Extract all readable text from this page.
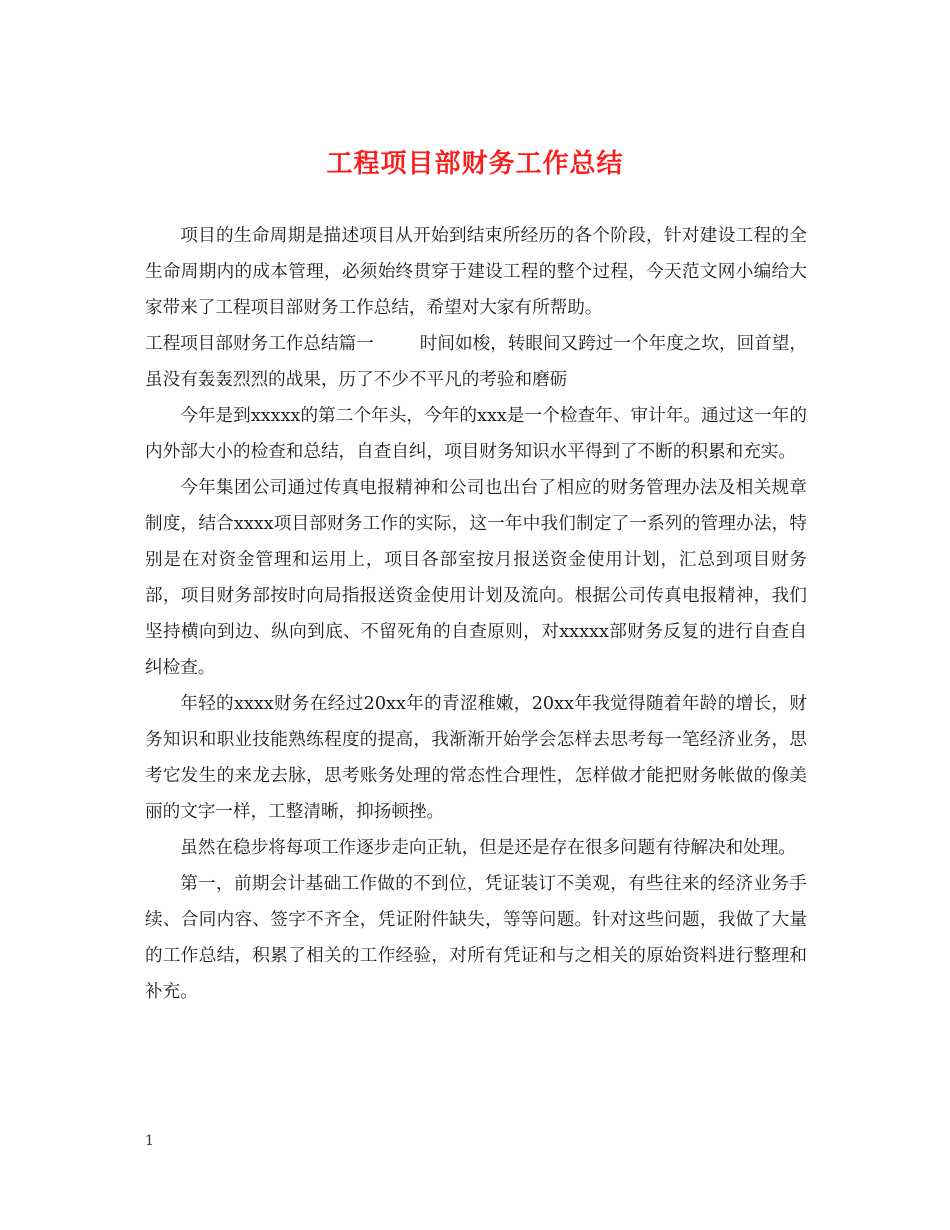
工程项目部财务工作总结

项目的生命周期是描述项目从开始到结束所经历的各个阶段，针对建设工程的全生命周期内的成本管理，必须始终贯穿于建设工程的整个过程，今天范文网小编给大家带来了工程项目部财务工作总结，希望对大家有所帮助。

工程项目部财务工作总结篇一	时间如梭，转眼间又跨过一个年度之坎，回首望，虽没有轰轰烈烈的战果，历了不少不平凡的考验和磨砺

今年是到xxxxx的第二个年头，今年的xxx是一个检查年、审计年。通过这一年的内外部大小的检查和总结，自查自纠，项目财务知识水平得到了不断的积累和充实。

今年集团公司通过传真电报精神和公司也出台了相应的财务管理办法及相关规章制度，结合xxxx项目部财务工作的实际，这一年中我们制定了一系列的管理办法，特别是在对资金管理和运用上，项目各部室按月报送资金使用计划，汇总到项目财务部，项目财务部按时向局指报送资金使用计划及流向。根据公司传真电报精神，我们坚持横向到边、纵向到底、不留死角的自查原则，对xxxxx部财务反复的进行自查自纠检查。

年轻的xxxx财务在经过20xx年的青涩稚嫩，20xx年我觉得随着年龄的增长，财务知识和职业技能熟练程度的提高，我渐渐开始学会怎样去思考每一笔经济业务，思考它发生的来龙去脉，思考账务处理的常态性合理性，怎样做才能把财务帐做的像美丽的文字一样，工整清晰，抑扬顿挫。

虽然在稳步将每项工作逐步走向正轨，但是还是存在很多问题有待解决和处理。

第一，前期会计基础工作做的不到位，凭证装订不美观，有些往来的经济业务手续、合同内容、签字不齐全，凭证附件缺失，等等问题。针对这些问题，我做了大量的工作总结，积累了相关的工作经验，对所有凭证和与之相关的原始资料进行整理和补充。

1
